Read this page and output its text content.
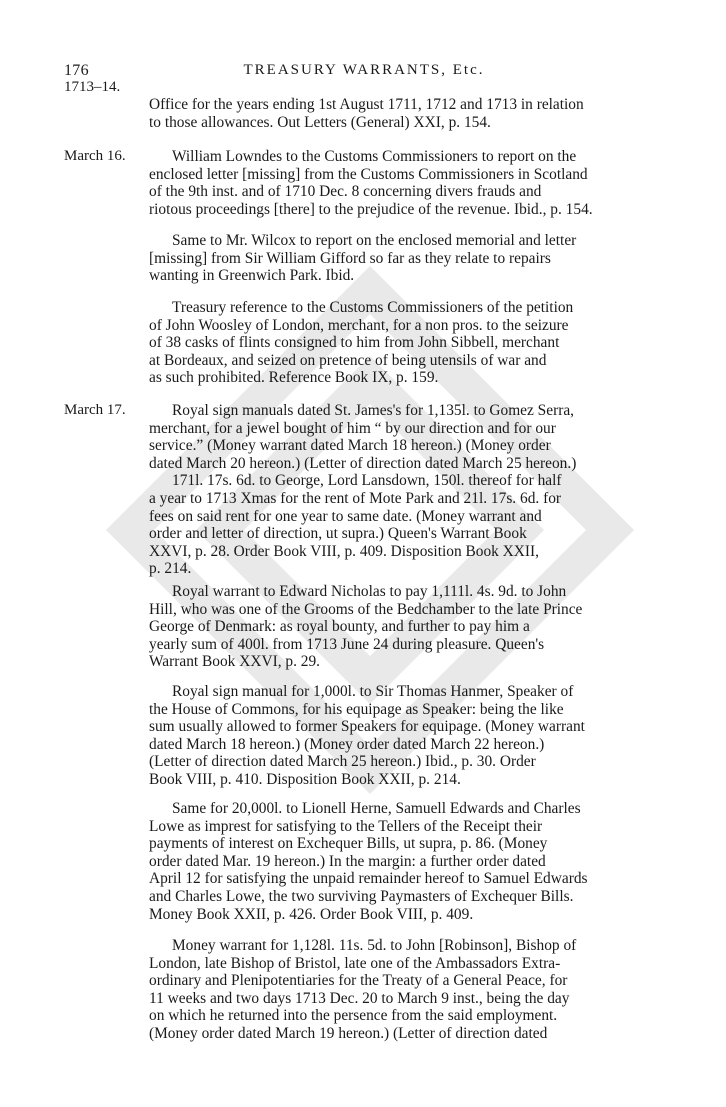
176	TREASURY WARRANTS, Etc.
1713–14.
March 16.
March 17.
Office for the years ending 1st August 1711, 1712 and 1713 in relation
to those allowances. Out Letters (General) XXI, p. 154.
William Lowndes to the Customs Commissioners to report on the
enclosed letter [missing] from the Customs Commissioners in Scotland
of the 9th inst. and of 1710 Dec. 8 concerning divers frauds and
riotous proceedings [there] to the prejudice of the revenue. Ibid., p. 154.
Same to Mr. Wilcox to report on the enclosed memorial and letter
[missing] from Sir William Gifford so far as they relate to repairs
wanting in Greenwich Park. Ibid.
Treasury reference to the Customs Commissioners of the petition
of John Woosley of London, merchant, for a non pros. to the seizure
of 38 casks of flints consigned to him from John Sibbell, merchant
at Bordeaux, and seized on pretence of being utensils of war and
as such prohibited. Reference Book IX, p. 159.
Royal sign manuals dated St. James's for 1,135l. to Gomez Serra,
merchant, for a jewel bought of him “ by our direction and for our
service.” (Money warrant dated March 18 hereon.) (Money order
dated March 20 hereon.) (Letter of direction dated March 25 hereon.)
171l. 17s. 6d. to George, Lord Lansdown, 150l. thereof for half
a year to 1713 Xmas for the rent of Mote Park and 21l. 17s. 6d. for
fees on said rent for one year to same date. (Money warrant and
order and letter of direction, ut supra.) Queen's Warrant Book
XXVI, p. 28. Order Book VIII, p. 409. Disposition Book XXII,
p. 214.
Royal warrant to Edward Nicholas to pay 1,111l. 4s. 9d. to John
Hill, who was one of the Grooms of the Bedchamber to the late Prince
George of Denmark: as royal bounty, and further to pay him a
yearly sum of 400l. from 1713 June 24 during pleasure. Queen's
Warrant Book XXVI, p. 29.
Royal sign manual for 1,000l. to Sir Thomas Hanmer, Speaker of
the House of Commons, for his equipage as Speaker: being the like
sum usually allowed to former Speakers for equipage. (Money warrant
dated March 18 hereon.) (Money order dated March 22 hereon.)
(Letter of direction dated March 25 hereon.) Ibid., p. 30. Order
Book VIII, p. 410. Disposition Book XXII, p. 214.
Same for 20,000l. to Lionell Herne, Samuell Edwards and Charles
Lowe as imprest for satisfying to the Tellers of the Receipt their
payments of interest on Exchequer Bills, ut supra, p. 86. (Money
order dated Mar. 19 hereon.) In the margin: a further order dated
April 12 for satisfying the unpaid remainder hereof to Samuel Edwards
and Charles Lowe, the two surviving Paymasters of Exchequer Bills.
Money Book XXII, p. 426. Order Book VIII, p. 409.
Money warrant for 1,128l. 11s. 5d. to John [Robinson], Bishop of
London, late Bishop of Bristol, late one of the Ambassadors Extra-
ordinary and Plenipotentiaries for the Treaty of a General Peace, for
11 weeks and two days 1713 Dec. 20 to March 9 inst., being the day
on which he returned into the persence from the said employment.
(Money order dated March 19 hereon.) (Letter of direction dated
